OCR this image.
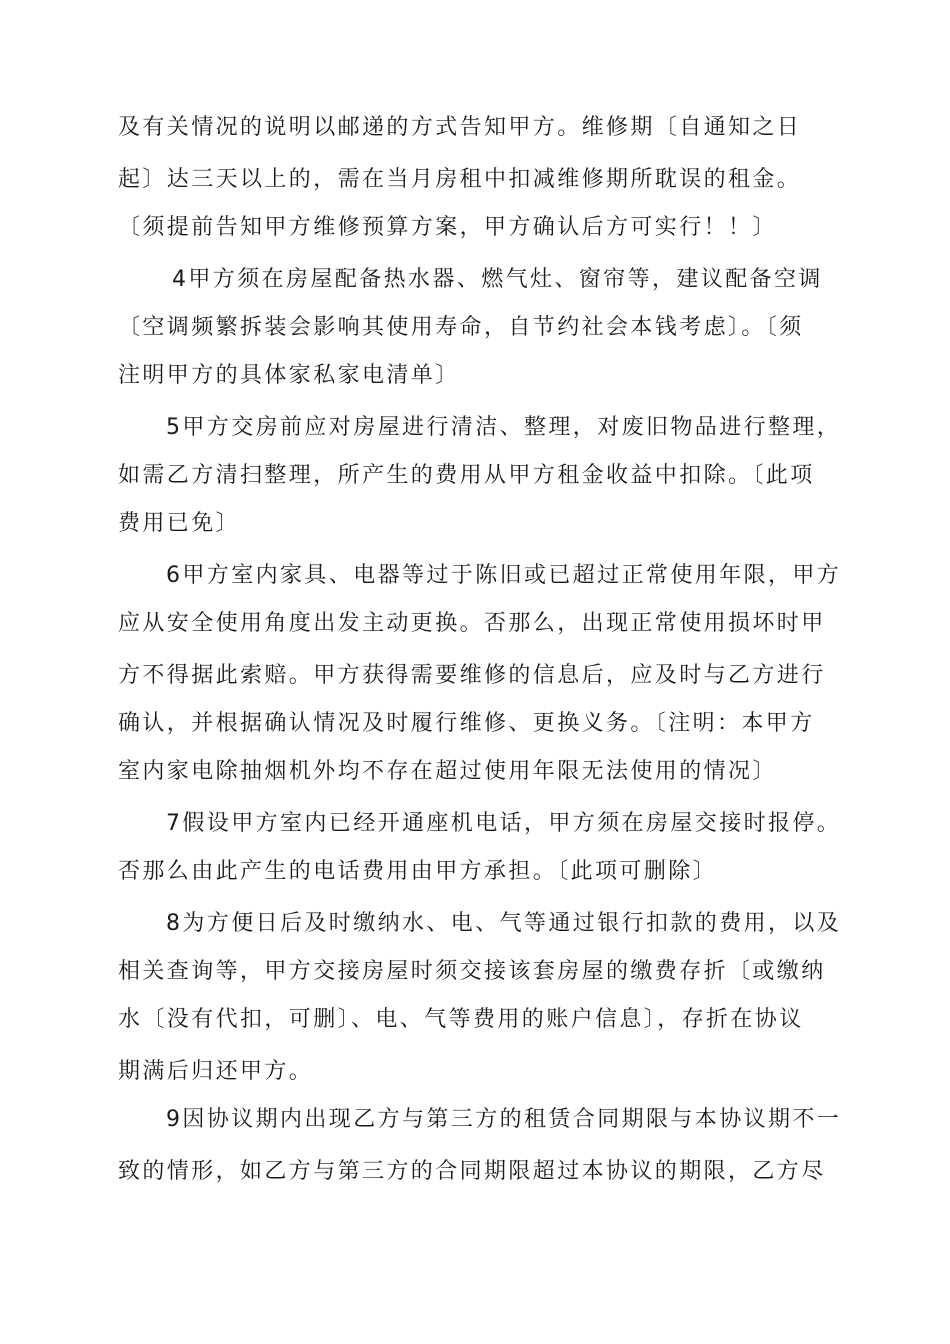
及有关情况的说明以邮递的方式告知甲方。维修期〔自通知之日
起〕达三天以上的，需在当月房租中扣减维修期所耽误的租金。
〔须提前告知甲方维修预算方案，甲方确认后方可实行！！〕
4甲方须在房屋配备热水器、燃气灶、窗帘等，建议配备空调
〔空调频繁拆装会影响其使用寿命，自节约社会本钱考虑〕。〔须
注明甲方的具体家私家电清单〕
5甲方交房前应对房屋进行清洁、整理，对废旧物品进行整理，
如需乙方清扫整理，所产生的费用从甲方租金收益中扣除。〔此项
费用已免〕
6甲方室内家具、电器等过于陈旧或已超过正常使用年限，甲方
应从安全使用角度出发主动更换。否那么，出现正常使用损坏时甲
方不得据此索赔。甲方获得需要维修的信息后，应及时与乙方进行
确认，并根据确认情况及时履行维修、更换义务。〔注明：本甲方
室内家电除抽烟机外均不存在超过使用年限无法使用的情况〕
7假设甲方室内已经开通座机电话，甲方须在房屋交接时报停。
否那么由此产生的电话费用由甲方承担。〔此项可删除〕
8为方便日后及时缴纳水、电、气等通过银行扣款的费用，以及
相关查询等，甲方交接房屋时须交接该套房屋的缴费存折〔或缴纳
水〔没有代扣，可删〕、电、气等费用的账户信息〕，存折在协议
期满后归还甲方。
9因协议期内出现乙方与第三方的租赁合同期限与本协议期不一
致的情形，如乙方与第三方的合同期限超过本协议的期限，乙方尽
